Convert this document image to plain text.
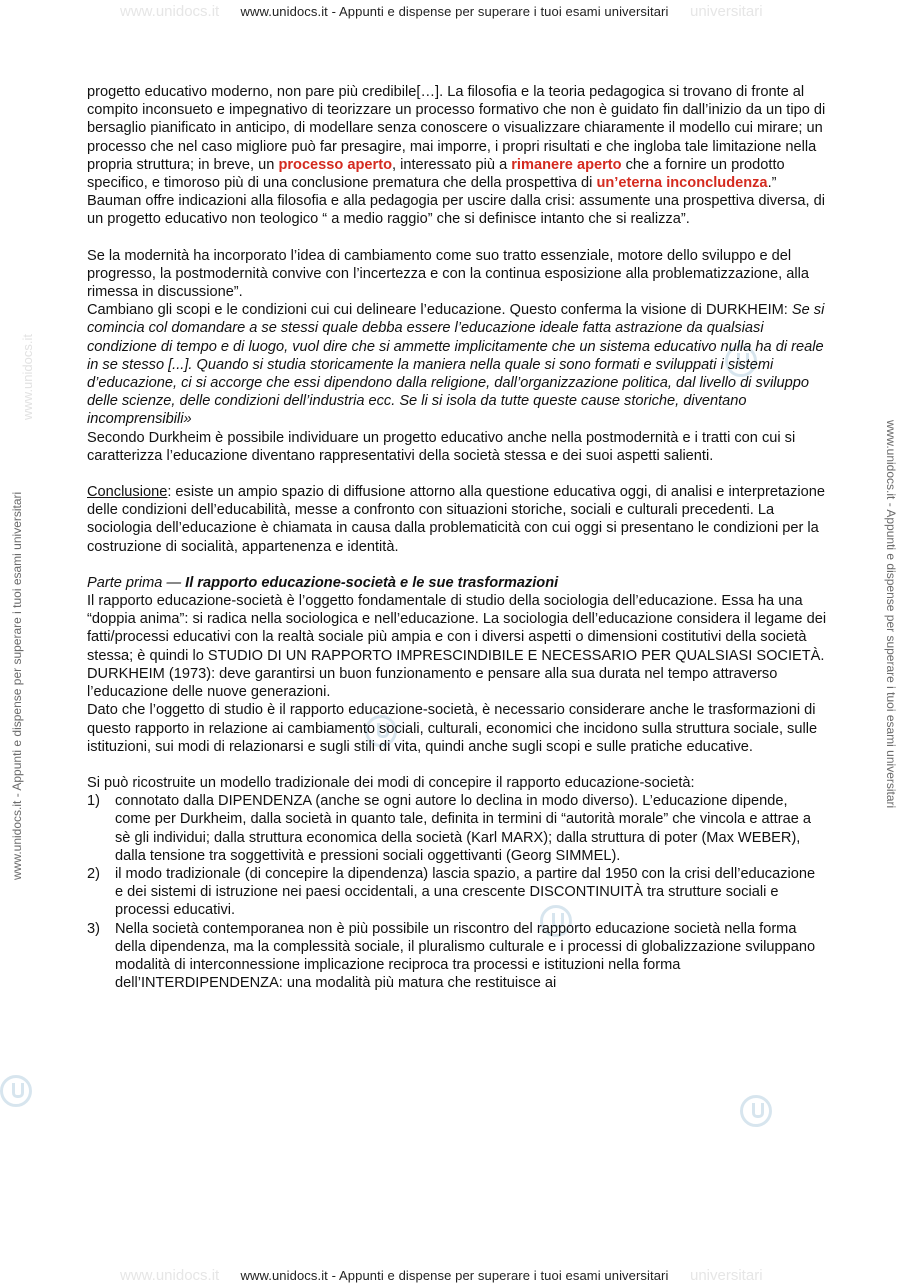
www.unidocs.it	universitari
www.unidocs.it - Appunti e dispense per superare i tuoi esami universitari
www.unidocs.it	universitari
www.unidocs.it - Appunti e dispense per superare i tuoi esami universitari
www.unidocs.it
www.unidocs.it - Appunti e dispense per superare i tuoi esami universitari	www.unidocs.it - Appunti e dispense per superare i tuoi esami universitari

progetto educativo moderno, non pare più credibile[…]. La filosofia e la teoria pedagogica si trovano di fronte al compito inconsueto e impegnativo di teorizzare un processo formativo che non è guidato fin dall’inizio da un tipo di bersaglio pianificato in anticipo, di modellare senza conoscere o visualizzare chiaramente il modello cui mirare; un processo che nel caso migliore può far presagire, mai imporre, i propri risultati e che ingloba tale limitazione nella propria struttura; in breve, un processo aperto, interessato più a rimanere aperto che a fornire un prodotto specifico, e timoroso più di una conclusione prematura che della prospettiva di un’eterna inconcludenza.”

Bauman offre indicazioni alla filosofia e alla pedagogia per uscire dalla crisi: assumente una prospettiva diversa, di un progetto educativo non teologico “ a medio raggio” che si definisce intanto che si realizza”.

Se la modernità ha incorporato l’idea di cambiamento come suo tratto essenziale, motore dello sviluppo e del progresso, la postmodernità convive con l’incertezza e con la continua esposizione alla problematizzazione, alla rimessa in discussione”.

Cambiano gli scopi e le condizioni cui cui delineare l’educazione. Questo conferma la visione di DURKHEIM: Se si comincia col domandare a se stessi quale debba essere l’educazione ideale fatta astrazione da qualsiasi condizione di tempo e di luogo, vuol dire che si ammette implicitamente che un sistema educativo nulla ha di reale in se stesso [...]. Quando si studia storicamente la maniera nella quale si sono formati e sviluppati i sistemi d’educazione, ci si accorge che essi dipendono dalla religione, dall’organizzazione politica, dal livello di sviluppo delle scienze, delle condizioni dell’industria ecc. Se li si isola da tutte queste cause storiche, diventano incomprensibili»

Secondo Durkheim è possibile individuare un progetto educativo anche nella postmodernità e i tratti con cui si caratterizza l’educazione diventano rappresentativi della società stessa e dei suoi aspetti salienti.

Conclusione: esiste un ampio spazio di diffusione attorno alla questione educativa oggi, di analisi e interpretazione delle condizioni dell’educabilità, messe a confronto con situazioni storiche, sociali e culturali precedenti. La sociologia dell’educazione è chiamata in causa dalla problematicità con cui oggi si presentano le condizioni per la costruzione di socialità, appartenenza e identità.

Parte prima — Il rapporto educazione-società e le sue trasformazioni

Il rapporto educazione-società è l’oggetto fondamentale di studio della sociologia dell’educazione. Essa ha una “doppia anima”: si radica nella sociologica e nell’educazione. La sociologia dell’educazione considera il legame dei fatti/processi educativi con la realtà sociale più ampia e con i diversi aspetti o dimensioni costitutivi della società stessa; è quindi lo STUDIO DI UN RAPPORTO IMPRESCINDIBILE E NECESSARIO PER QUALSIASI SOCIETÀ.

DURKHEIM (1973): deve garantirsi un buon funzionamento e pensare alla sua durata nel tempo attraverso l’educazione delle nuove generazioni.

Dato che l’oggetto di studio è il rapporto educazione-società, è necessario considerare anche le trasformazioni di questo rapporto in relazione ai cambiamento sociali, culturali, economici che incidono sulla struttura sociale, sulle istituzioni, sui modi di relazionarsi e sugli stili di vita, quindi anche sugli scopi e sulle pratiche educative.

Si può ricostruite un modello tradizionale dei modi di concepire il rapporto educazione-società:

1) connotato dalla DIPENDENZA (anche se ogni autore lo declina in modo diverso). L’educazione dipende, come per Durkheim, dalla società in quanto tale, definita in termini di “autorità morale” che vincola e attrae a sè gli individui; dalla struttura economica della società (Karl MARX); dalla struttura di poter (Max WEBER), dalla tensione tra soggettività e pressioni sociali oggettivanti (Georg SIMMEL).
2) il modo tradizionale (di concepire la dipendenza) lascia spazio, a partire dal 1950 con la crisi dell’educazione e dei sistemi di istruzione nei paesi occidentali, a una crescente DISCONTINUITÀ tra strutture sociali e processi educativi.
3) Nella società contemporanea non è più possibile un riscontro del rapporto educazione società nella forma della dipendenza, ma la complessità sociale, il pluralismo culturale e i processi di globalizzazione sviluppano modalità di interconnessione implicazione reciproca tra processi e istituzioni nella forma dell’INTERDIPENDENZA: una modalità più matura che restituisce ai
